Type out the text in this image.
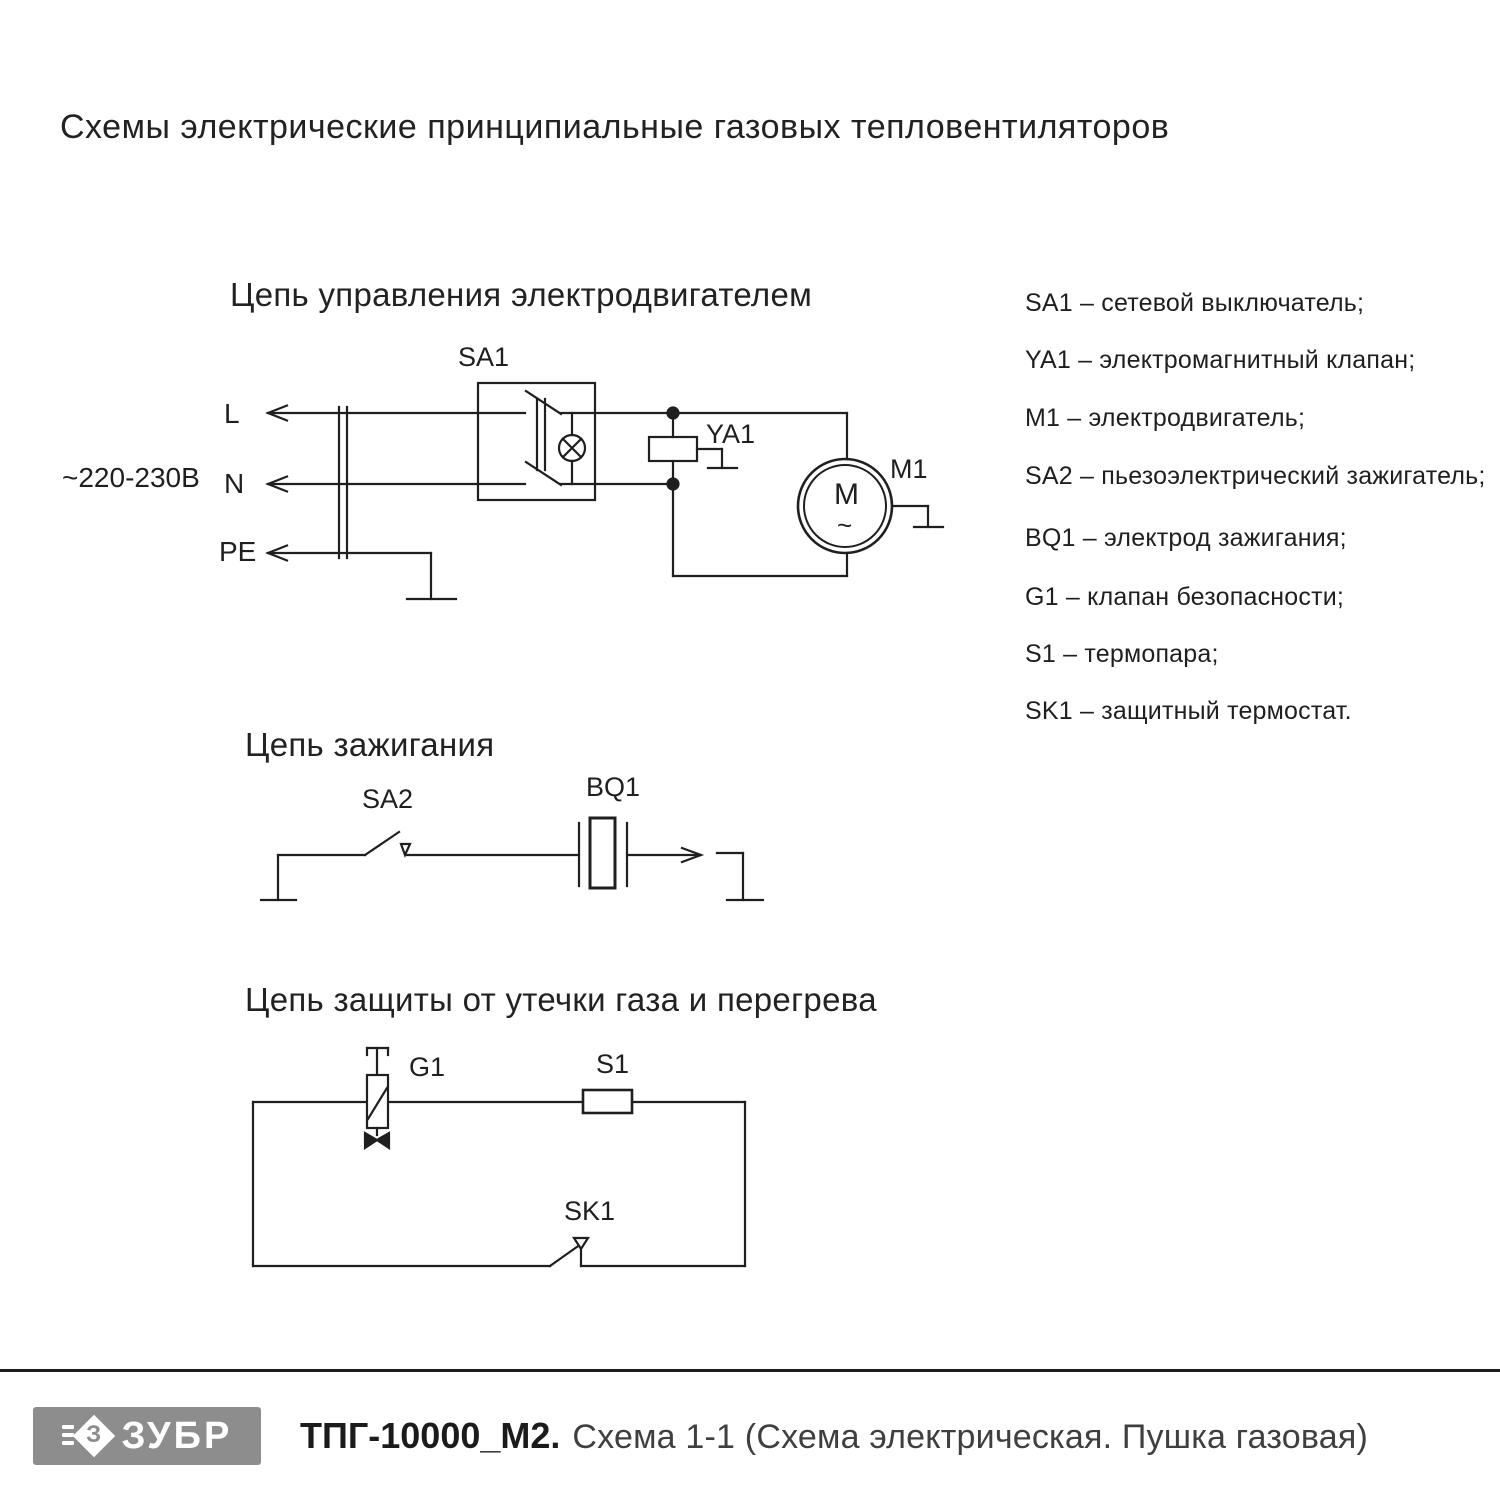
Схемы электрические принципиальные газовых тепловентиляторов
Цепь управления электродвигателем
~220-230В
L
N
PE
SA1
YA1
M1
M
~
Цепь зажигания
SA2	BQ1
Цепь защиты от утечки газа и перегрева
G1	S1
SK1
SA1 – сетевой выключатель;
YA1 – электромагнитный клапан;
M1 – электродвигатель;
SA2 – пьезоэлектрический зажигатель;
BQ1 – электрод зажигания;
G1 – клапан безопасности;
S1 – термопара;
SK1 – защитный термостат.
З ЗУБР ТПГ-10000_М2. Схема 1-1 (Схема электрическая. Пушка газовая)
